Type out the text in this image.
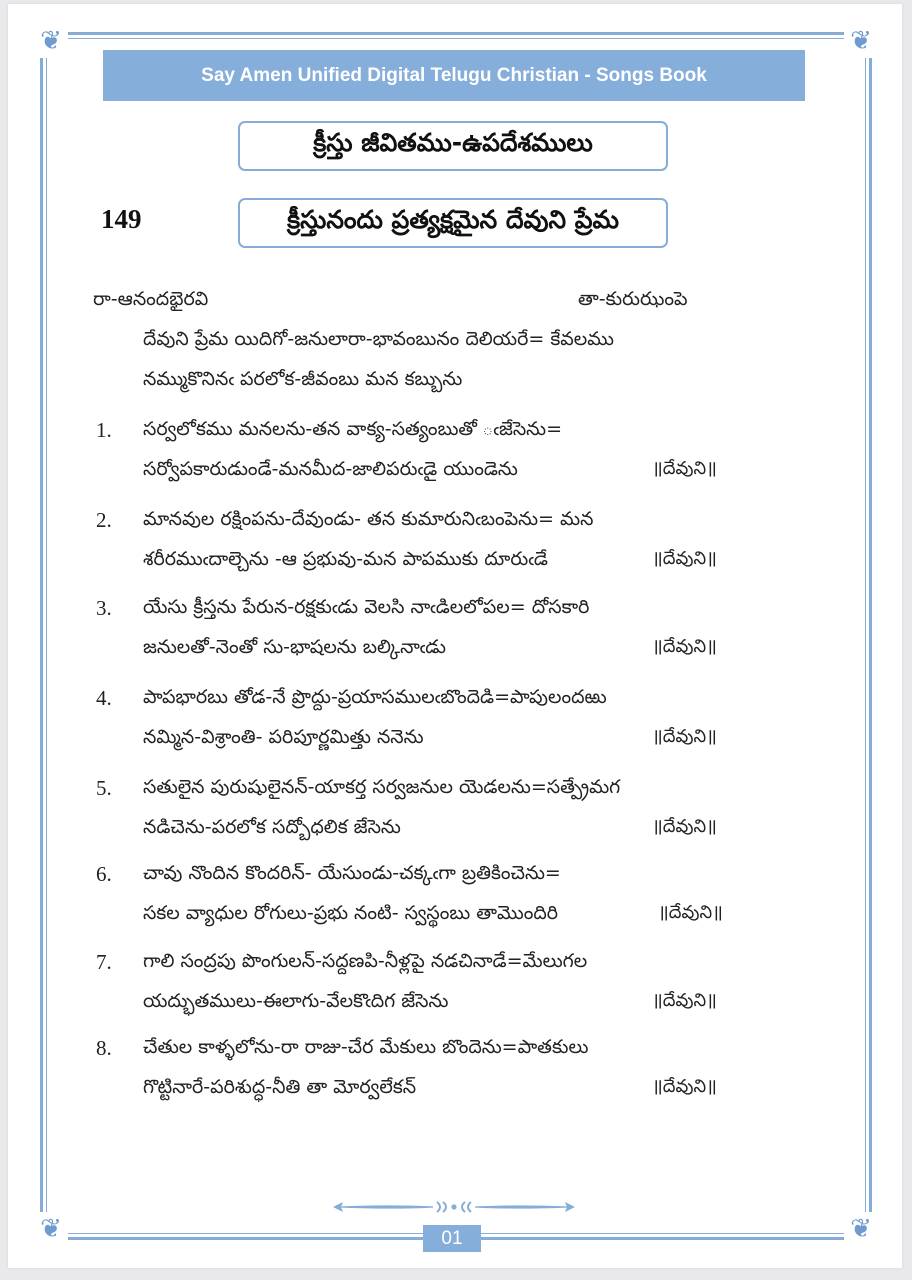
❦	❦
❦	❦
Say Amen Unified Digital Telugu Christian - Songs Book
క్రీస్తు జీవితము-ఉపదేశములు
149	క్రీస్తునందు ప్రత్యక్షమైన దేవుని ప్రేమ
రా-ఆనందభైరవి	తా-కురుఝంపె
దేవుని ప్రేమ యిదిగో-జనులారా-భావంబునం దెలియరే= కేవలము
నమ్ముకొనినఁ పరలోక-జీవంబు మన కబ్బును
1. సర్వలోకము మనలను-తన వాక్య-సత్యంబుతో ఁజేసెను=
సర్వోపకారుడుండే-మనమీద-జాలిపరుఁడై యుండెను	॥దేవుని॥
2. మానవుల రక్షింపను-దేవుండు- తన కుమారునిఁబంపెను= మన
శరీరముఁదాల్చెను -ఆ ప్రభువు-మన పాపముకు దూరుఁడే	॥దేవుని॥
3. యేసు క్రీస్తను పేరున-రక్షకుఁడు వెలసి నాఁడిలలోపల= దోసకారి
జనులతో-నెంతో సు-భాషలను బల్కినాఁడు	॥దేవుని॥
4. పాపభారబు తోడ-నే ప్రొద్దు-ప్రయాసములఁబొందెడి=పాపులందఱు
నమ్మిన-విశ్రాంతి- పరిపూర్ణమిత్తు ననెను	॥దేవుని॥
5. సతులైన పురుషులైనన్-యాకర్త సర్వజనుల యెడలను=సత్ప్రేమగ
నడిచెను-పరలోక సద్బోధలిక జేసెను	॥దేవుని॥
6. చావు నొందిన కొందరిన్- యేసుండు-చక్కఁగా బ్రతికించెను=
సకల వ్యాధుల రోగులు-ప్రభు నంటి- స్వస్థంబు తామొందిరి	॥దేవుని॥
7. గాలి సంద్రపు పొంగులన్-సద్దణపి-నీళ్లపై నడచినాడే=మేలుగల
యద్భుతములు-ఈలాగు-వేలకొఁదిగ జేసెను	॥దేవుని॥
8. చేతుల కాళ్ళలోను-రా రాజు-చేర మేకులు బొందెను=పాతకులు
గొట్టినారే-పరిశుద్ధ-నీతి తా మోర్వలేకన్	॥దేవుని॥
01
